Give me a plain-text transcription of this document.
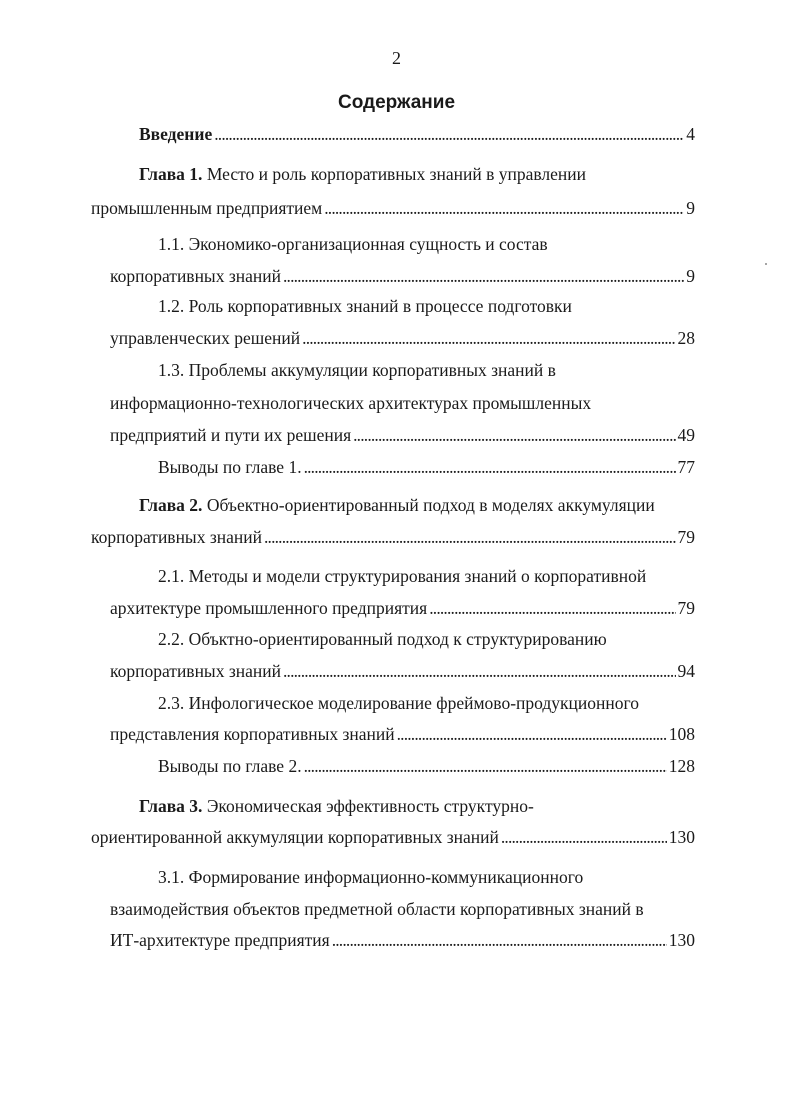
2
Содержание
Введение . . .	4
Глава 1. Место и роль корпоративных знаний в управлении
промышленным предприятием . . .	9
1.1. Экономико-организационная сущность и состав
корпоративных знаний . . .	9
1.2. Роль корпоративных знаний в процессе подготовки
управленческих решений . . .	28
1.3. Проблемы аккумуляции корпоративных знаний в
информационно-технологических архитектурах промышленных
предприятий и пути их решения . . .	49
Выводы по главе 1. . . .	77
Глава 2. Объектно-ориентированный подход в моделях аккумуляции
корпоративных знаний . . .	79
2.1. Методы и модели структурирования знаний о корпоративной
архитектуре промышленного предприятия . . .	79
2.2. Объктно-ориентированный подход к структурированию
корпоративных знаний . . .	94
2.3. Инфологическое моделирование фреймово-продукционного
представления корпоративных знаний . . .	108
Выводы по главе 2. . . .	128
Глава 3. Экономическая эффективность структурно-
ориентированной аккумуляции корпоративных знаний . . .	130
3.1. Формирование информационно-коммуникационного
взаимодействия объектов предметной области корпоративных знаний в
ИТ-архитектуре предприятия . . .	130
